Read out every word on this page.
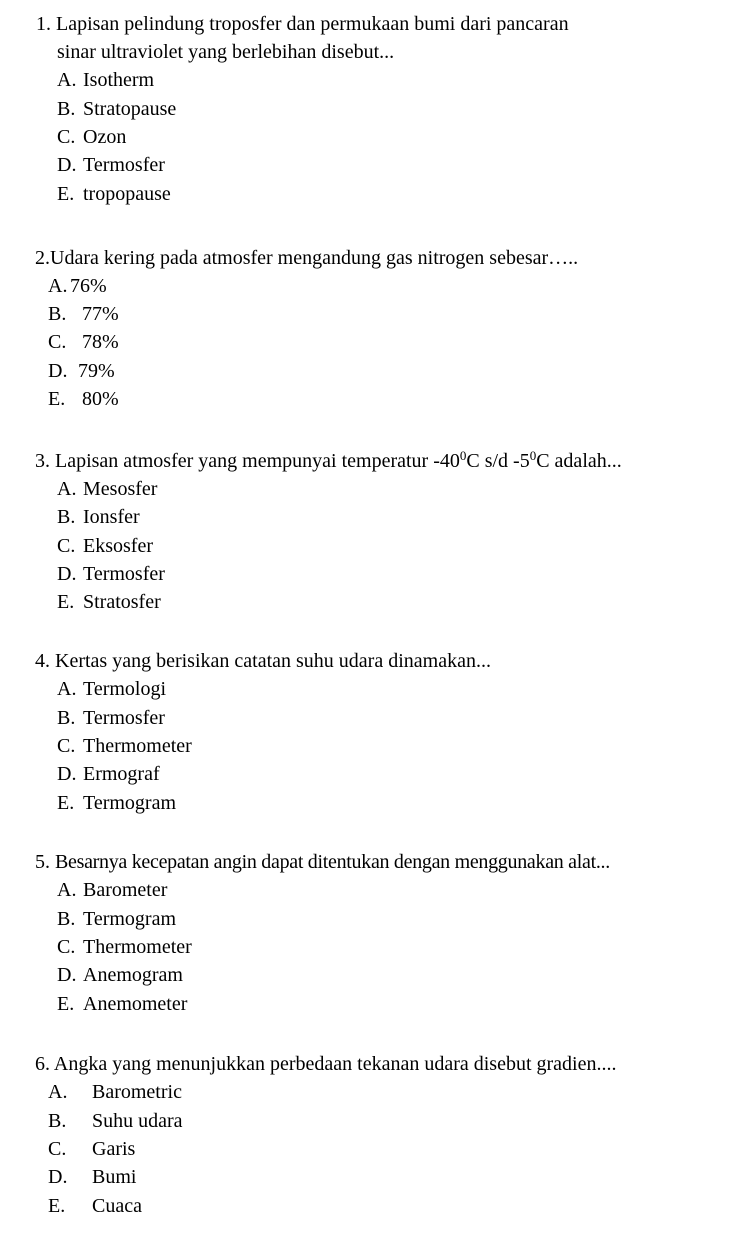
1. Lapisan pelindung troposfer dan permukaan bumi dari pancaran
sinar ultraviolet yang berlebihan disebut...
A. Isotherm
B. Stratopause
C. Ozon
D. Termosfer
E. tropopause
2.Udara kering pada atmosfer mengandung gas nitrogen sebesar…..
A. 76%
B. 77%
C. 78%
D. 79%
E. 80%
3. Lapisan atmosfer yang mempunyai temperatur $-40^0C$ s/d $-5^0C$ adalah...
A. Mesosfer
B. Ionsfer
C. Eksosfer
D. Termosfer
E. Stratosfer
4. Kertas yang berisikan catatan suhu udara dinamakan...
A. Termologi
B. Termosfer
C. Thermometer
D. Ermograf
E. Termogram
5. Besarnya kecepatan angin dapat ditentukan dengan menggunakan alat...
A. Barometer
B. Termogram
C. Thermometer
D. Anemogram
E. Anemometer
6. Angka yang menunjukkan perbedaan tekanan udara disebut gradien....
A. Barometric
B. Suhu udara
C. Garis
D. Bumi
E. Cuaca
